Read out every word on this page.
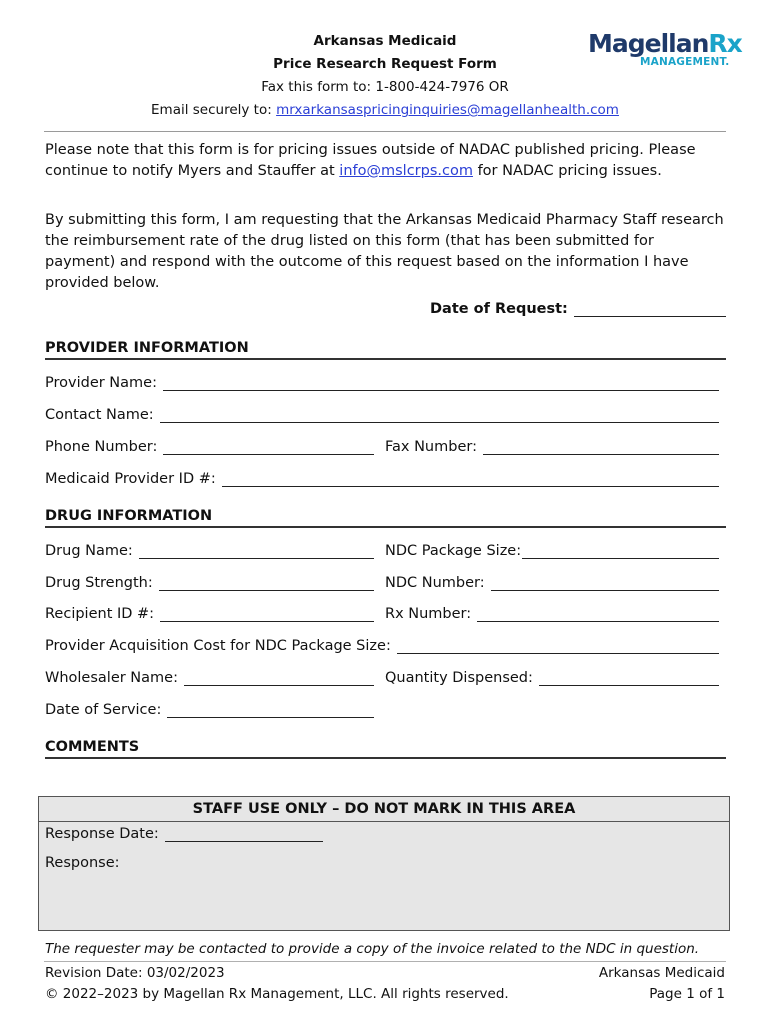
Arkansas Medicaid
Price Research Request Form
Fax this form to: 1-800-424-7976 OR
Email securely to: mrxarkansaspricinginquiries@magellanhealth.com
MagellanRx
MANAGEMENT.

Please note that this form is for pricing issues outside of NADAC published pricing. Please continue to notify Myers and Stauffer at info@mslcrps.com for NADAC pricing issues.

By submitting this form, I am requesting that the Arkansas Medicaid Pharmacy Staff research the reimbursement rate of the drug listed on this form (that has been submitted for payment) and respond with the outcome of this request based on the information I have provided below.
Date of Request:
PROVIDER INFORMATION
Provider Name:
Contact Name:
Phone Number:	Fax Number:
Medicaid Provider ID #:
DRUG INFORMATION
Drug Name:	NDC Package Size:
Drug Strength:	NDC Number:
Recipient ID #:	Rx Number:
Provider Acquisition Cost for NDC Package Size:
Wholesaler Name:	Quantity Dispensed:
Date of Service:
COMMENTS
STAFF USE ONLY – DO NOT MARK IN THIS AREA
Response Date:
Response:
The requester may be contacted to provide a copy of the invoice related to the NDC in question.
Revision Date: 03/02/2023
© 2022–2023 by Magellan Rx Management, LLC. All rights reserved.
Arkansas Medicaid
Page 1 of 1
